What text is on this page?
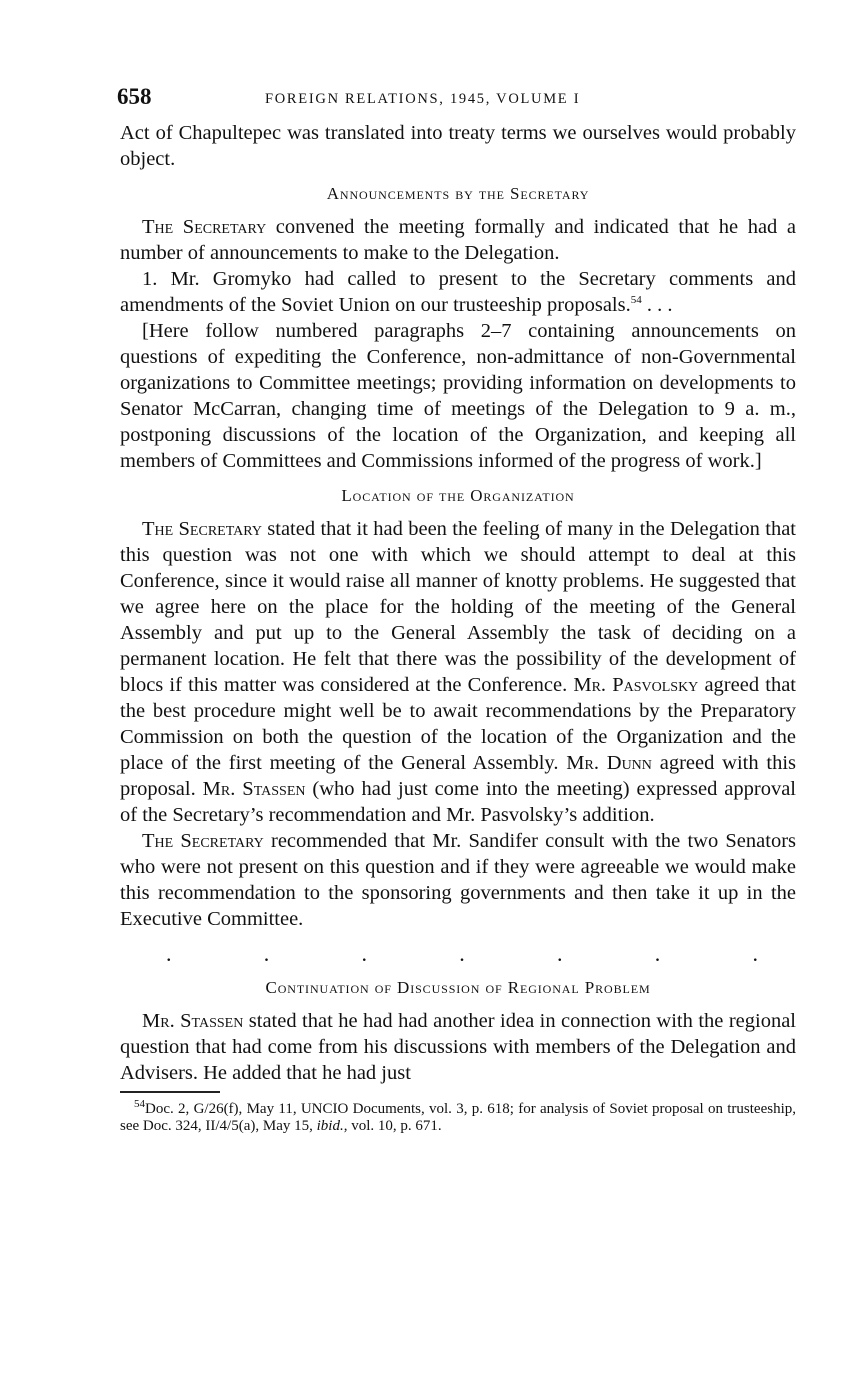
658	FOREIGN RELATIONS, 1945, VOLUME I

Act of Chapultepec was translated into treaty terms we ourselves would probably object.

Announcements by the Secretary

The Secretary convened the meeting formally and indicated that he had a number of announcements to make to the Delegation.

1. Mr. Gromyko had called to present to the Secretary comments and amendments of the Soviet Union on our trusteeship proposals.$^{54}$ . . .

[Here follow numbered paragraphs 2–7 containing announcements on questions of expediting the Conference, non-admittance of non-Governmental organizations to Committee meetings; providing information on developments to Senator McCarran, changing time of meetings of the Delegation to 9 a. m., postponing discussions of the location of the Organization, and keeping all members of Committees and Commissions informed of the progress of work.]

Location of the Organization

The Secretary stated that it had been the feeling of many in the Delegation that this question was not one with which we should attempt to deal at this Conference, since it would raise all manner of knotty problems. He suggested that we agree here on the place for the holding of the meeting of the General Assembly and put up to the General Assembly the task of deciding on a permanent location. He felt that there was the possibility of the development of blocs if this matter was considered at the Conference. Mr. Pasvolsky agreed that the best procedure might well be to await recommendations by the Preparatory Commission on both the question of the location of the Organization and the place of the first meeting of the General Assembly. Mr. Dunn agreed with this proposal. Mr. Stassen (who had just come into the meeting) expressed approval of the Secretary’s recommendation and Mr. Pasvolsky’s addition.

The Secretary recommended that Mr. Sandifer consult with the two Senators who were not present on this question and if they were agreeable we would make this recommendation to the sponsoring governments and then take it up in the Executive Committee.

.	.	.	.	.	.	.
Continuation of Discussion of Regional Problem

Mr. Stassen stated that he had had another idea in connection with the regional question that had come from his discussions with members of the Delegation and Advisers. He added that he had just

$^{54}$Doc. 2, G/26(f), May 11, UNCIO Documents, vol. 3, p. 618; for analysis of Soviet proposal on trusteeship, see Doc. 324, II/4/5(a), May 15, ibid., vol. 10, p. 671.
